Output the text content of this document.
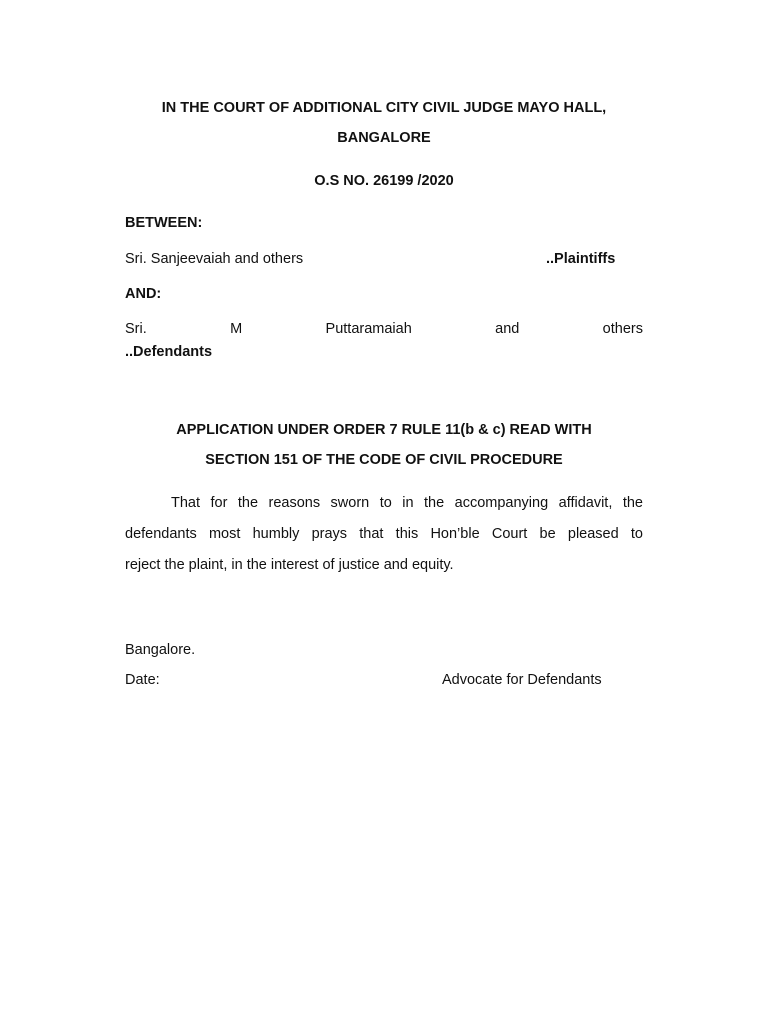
IN THE COURT OF ADDITIONAL CITY CIVIL JUDGE MAYO HALL,
BANGALORE
O.S NO. 26199 /2020
BETWEEN:
Sri. Sanjeevaiah and others	..Plaintiffs
AND:
Sri.	M	Puttaramaiah	and	others
..Defendants
APPLICATION UNDER ORDER 7 RULE 11(b & c) READ WITH
SECTION 151 OF THE CODE OF CIVIL PROCEDURE
That for the reasons sworn to in the accompanying affidavit, the
defendants most humbly prays that this Hon’ble Court be pleased to
reject the plaint, in the interest of justice and equity.
Bangalore.
Date:	Advocate for Defendants
